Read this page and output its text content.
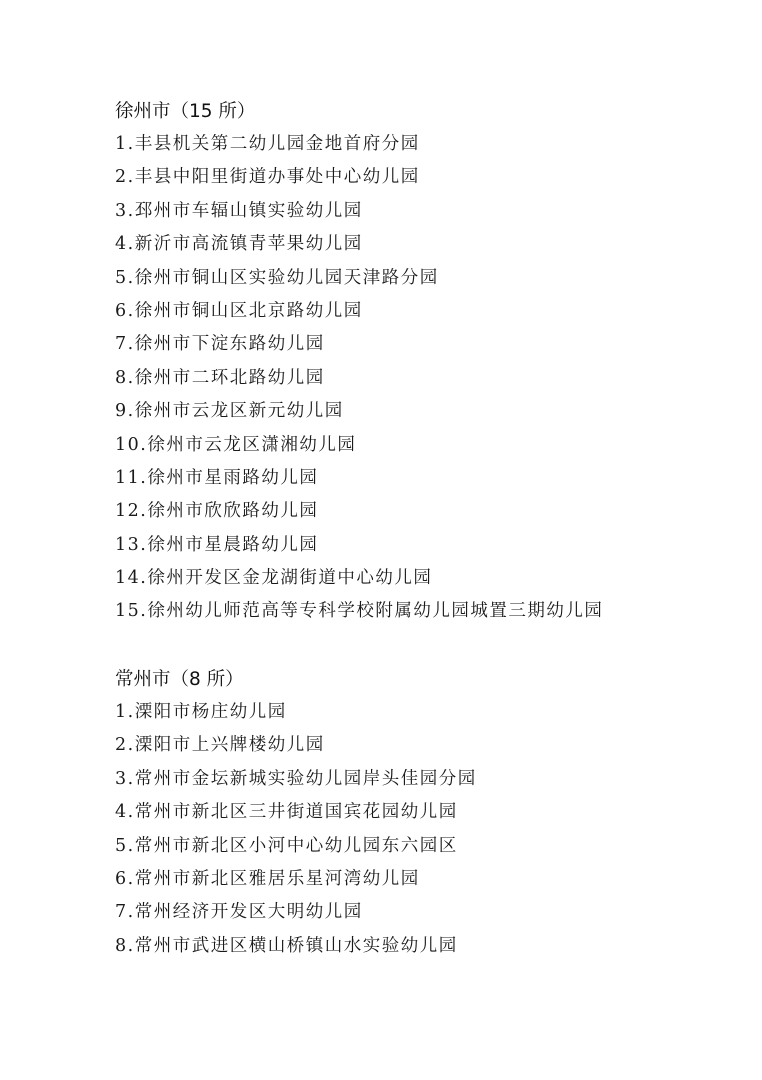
徐州市（15 所）
1.丰县机关第二幼儿园金地首府分园
2.丰县中阳里街道办事处中心幼儿园
3.邳州市车辐山镇实验幼儿园
4.新沂市高流镇青苹果幼儿园
5.徐州市铜山区实验幼儿园天津路分园
6.徐州市铜山区北京路幼儿园
7.徐州市下淀东路幼儿园
8.徐州市二环北路幼儿园
9.徐州市云龙区新元幼儿园
10.徐州市云龙区潇湘幼儿园
11.徐州市星雨路幼儿园
12.徐州市欣欣路幼儿园
13.徐州市星晨路幼儿园
14.徐州开发区金龙湖街道中心幼儿园
15.徐州幼儿师范高等专科学校附属幼儿园城置三期幼儿园
常州市（8 所）
1.溧阳市杨庄幼儿园
2.溧阳市上兴牌楼幼儿园
3.常州市金坛新城实验幼儿园岸头佳园分园
4.常州市新北区三井街道国宾花园幼儿园
5.常州市新北区小河中心幼儿园东六园区
6.常州市新北区雅居乐星河湾幼儿园
7.常州经济开发区大明幼儿园
8.常州市武进区横山桥镇山水实验幼儿园
